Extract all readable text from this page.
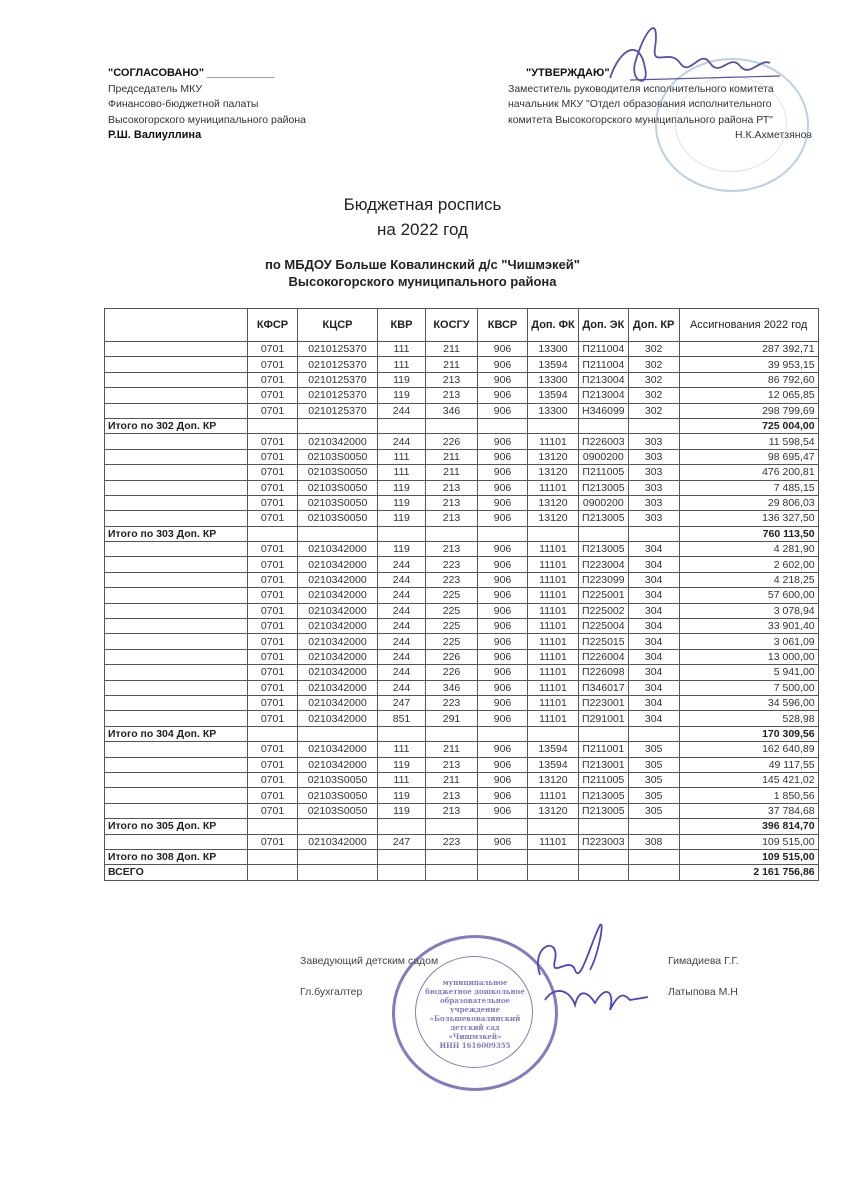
"СОГЛАСОВАНО" ___________
Председатель МКУ
Финансово-бюджетной палаты
Высокогорского муниципального района
Р.Ш. Валиуллина
"УТВЕРЖДАЮ"
Заместитель руководителя исполнительного комитета
начальник МКУ "Отдел образования исполнительного
комитета Высокогорского муниципального района РТ"
Н.К.Ахметзянов
Бюджетная роспись
на 2022 год
по МБДОУ Больше Ковалинский д/с "Чишмэкей"
Высокогорского муниципального района
	КФСР	КЦСР	КВР	КОСГУ	КВСР	Доп. ФК	Доп. ЭК	Доп. КР	Ассигнования 2022 год
	0701	0210125370	111	211	906	13300	П211004	302	287 392,71
	0701	0210125370	111	211	906	13594	П211004	302	39 953,15
	0701	0210125370	119	213	906	13300	П213004	302	86 792,60
	0701	0210125370	119	213	906	13594	П213004	302	12 065,85
	0701	0210125370	244	346	906	13300	Н346099	302	298 799,69
Итого по 302 Доп. КР									725 004,00
	0701	0210342000	244	226	906	11101	П226003	303	11 598,54
	0701	02103S0050	111	211	906	13120	0900200	303	98 695,47
	0701	02103S0050	111	211	906	13120	П211005	303	476 200,81
	0701	02103S0050	119	213	906	11101	П213005	303	7 485,15
	0701	02103S0050	119	213	906	13120	0900200	303	29 806,03
	0701	02103S0050	119	213	906	13120	П213005	303	136 327,50
Итого по 303 Доп. КР									760 113,50
	0701	0210342000	119	213	906	11101	П213005	304	4 281,90
	0701	0210342000	244	223	906	11101	П223004	304	2 602,00
	0701	0210342000	244	223	906	11101	П223099	304	4 218,25
	0701	0210342000	244	225	906	11101	П225001	304	57 600,00
	0701	0210342000	244	225	906	11101	П225002	304	3 078,94
	0701	0210342000	244	225	906	11101	П225004	304	33 901,40
	0701	0210342000	244	225	906	11101	П225015	304	3 061,09
	0701	0210342000	244	226	906	11101	П226004	304	13 000,00
	0701	0210342000	244	226	906	11101	П226098	304	5 941,00
	0701	0210342000	244	346	906	11101	П346017	304	7 500,00
	0701	0210342000	247	223	906	11101	П223001	304	34 596,00
	0701	0210342000	851	291	906	11101	П291001	304	528,98
Итого по 304 Доп. КР									170 309,56
	0701	0210342000	111	211	906	13594	П211001	305	162 640,89
	0701	0210342000	119	213	906	13594	П213001	305	49 117,55
	0701	02103S0050	111	211	906	13120	П211005	305	145 421,02
	0701	02103S0050	119	213	906	11101	П213005	305	1 850,56
	0701	02103S0050	119	213	906	13120	П213005	305	37 784,68
Итого по 305 Доп. КР									396 814,70
	0701	0210342000	247	223	906	11101	П223003	308	109 515,00
Итого по 308 Доп. КР									109 515,00
ВСЕГО									2 161 756,86
Заведующий детским садом	Гимадиева Г.Г.
Гл.бухгалтер	Латыпова М.Н
муниципальное
бюджетное дошкольное
образовательное учреждение
«Большековалинский
детский сад
«Чишмэкей»
ИНН 1616009355
